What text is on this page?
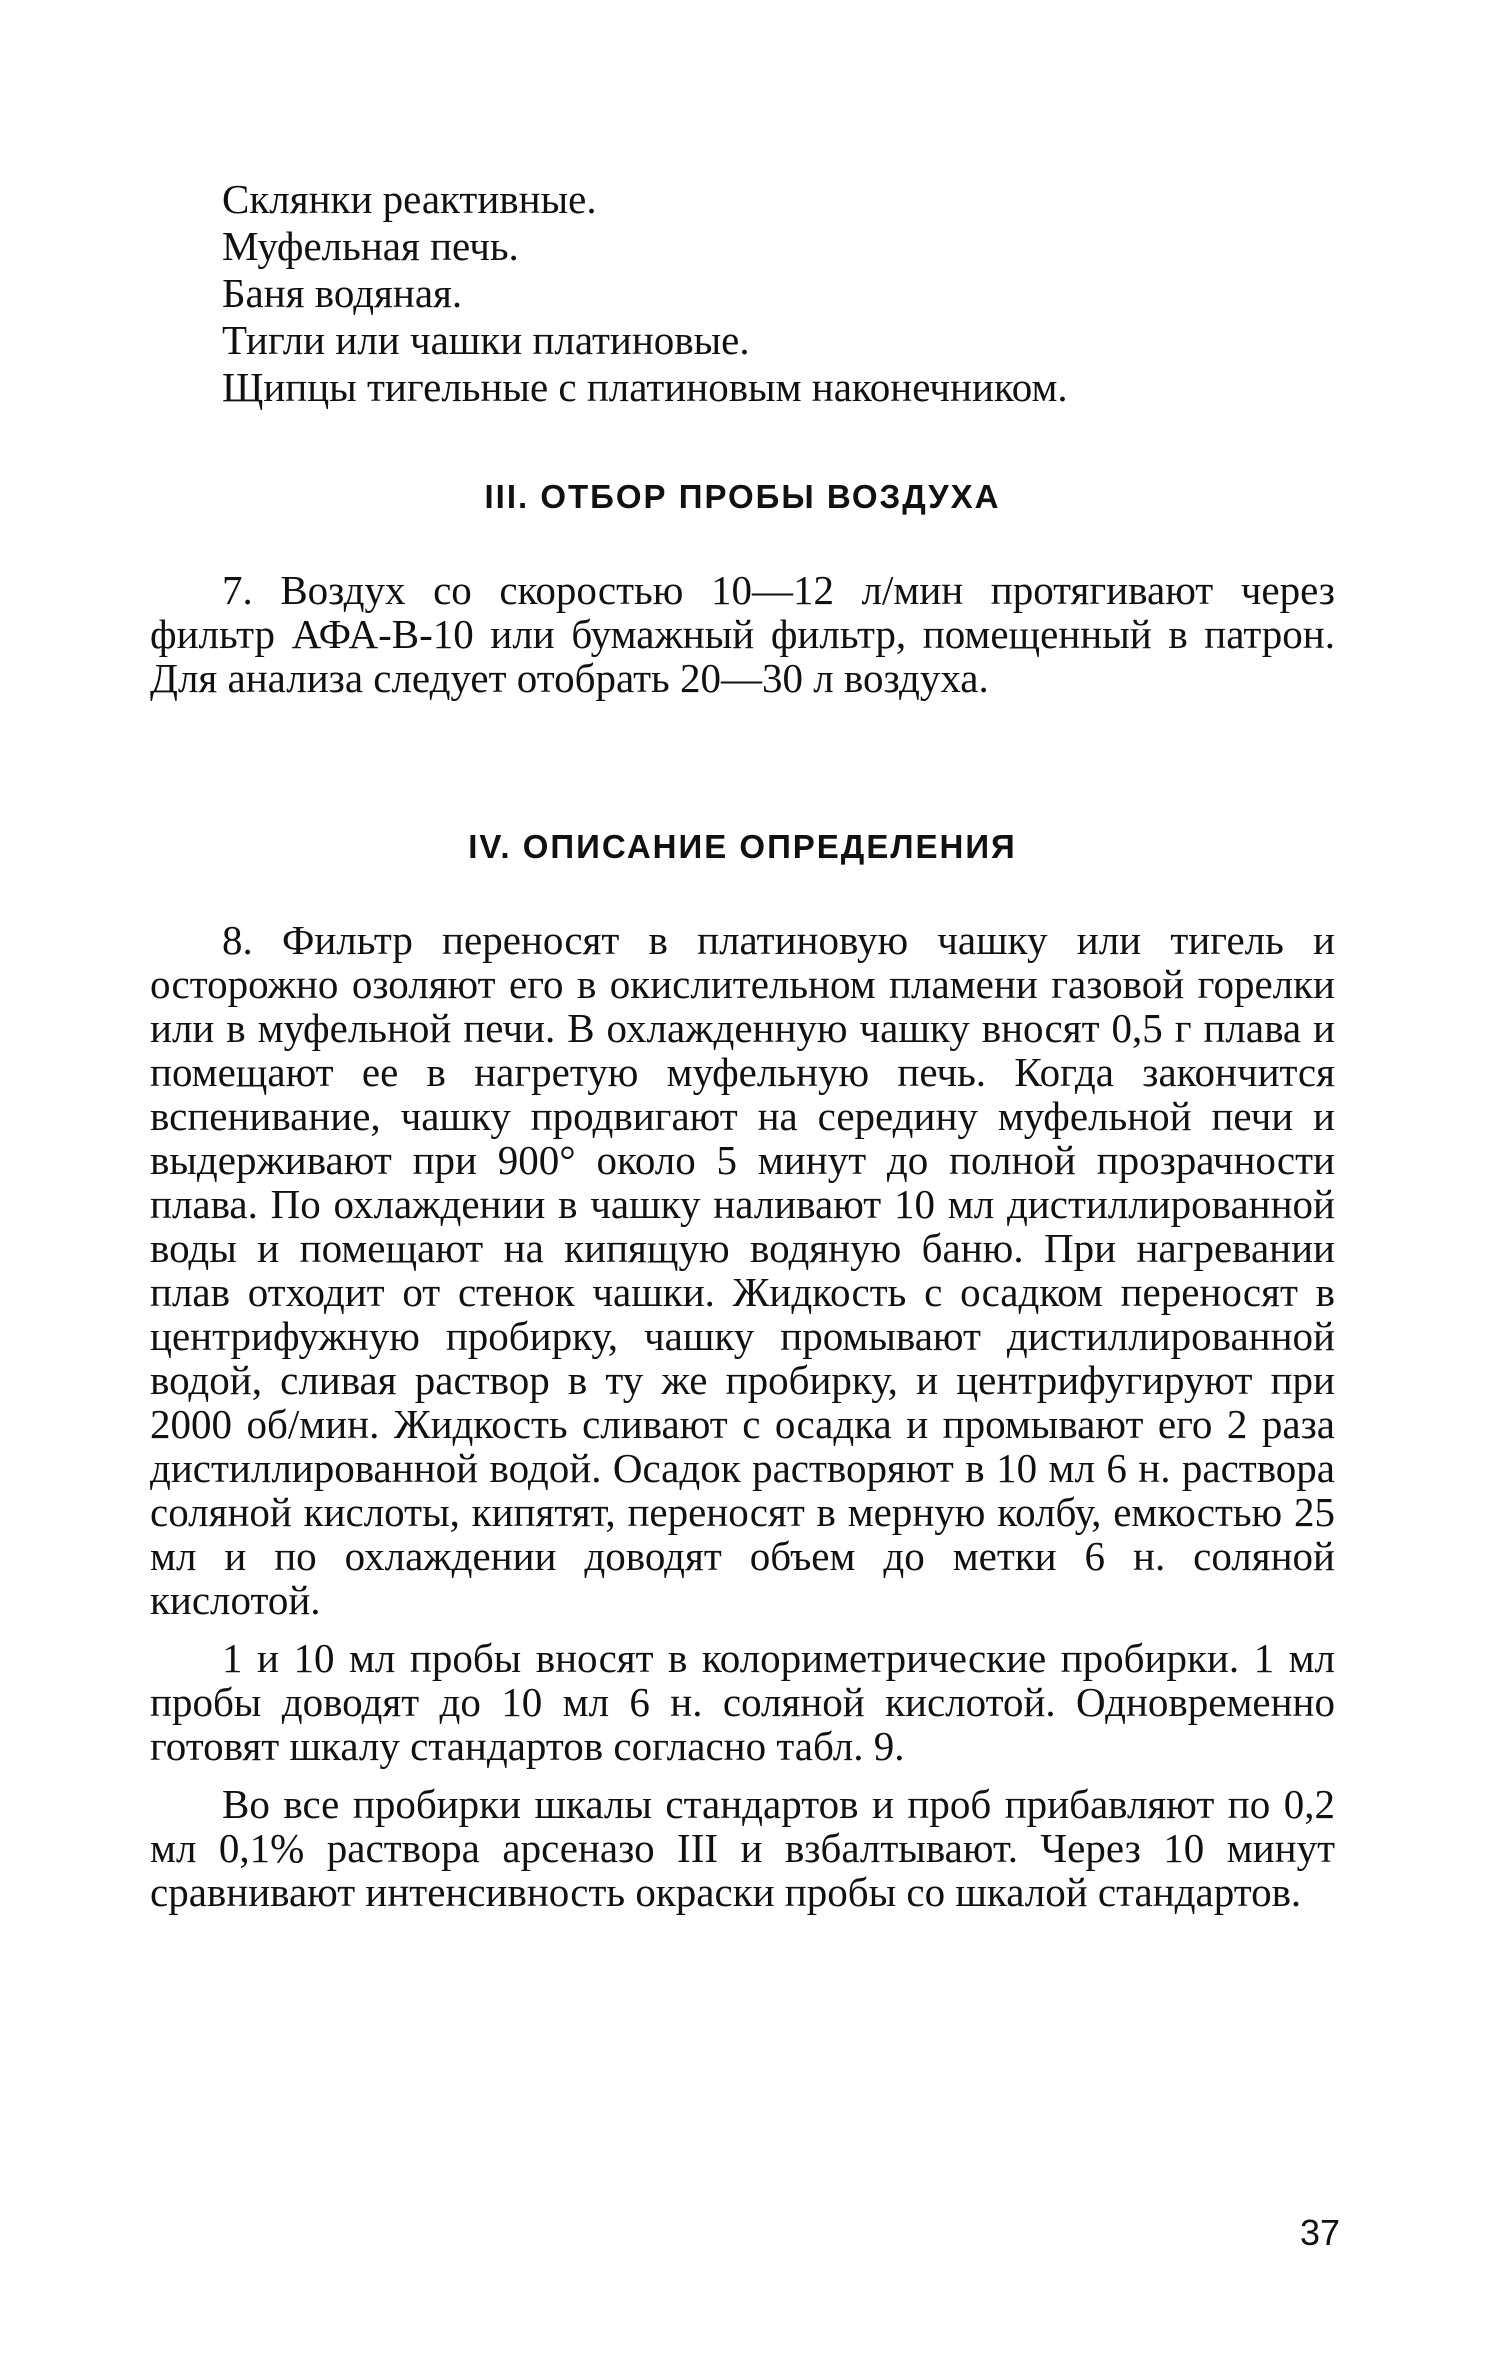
Склянки реактивные.
Муфельная печь.
Баня водяная.
Тигли или чашки платиновые.
Щипцы тигельные с платиновым наконечником.
III. ОТБОР ПРОБЫ ВОЗДУХА

7. Воздух со скоростью 10—12 л/мин протягивают через фильтр АФА-В-10 или бумажный фильтр, помещенный в патрон. Для анализа следует отобрать 20—30 л воздуха.

IV. ОПИСАНИЕ ОПРЕДЕЛЕНИЯ

8. Фильтр переносят в платиновую чашку или тигель и осторожно озоляют его в окислительном пламени газовой горелки или в муфельной печи. В охлажденную чашку вносят 0,5 г плава и помещают ее в нагретую муфельную печь. Когда закончится вспенивание, чашку продвигают на середину муфельной печи и выдерживают при 900° около 5 минут до полной прозрачности плава. По охлаждении в чашку наливают 10 мл дистиллированной воды и помещают на кипящую водяную баню. При нагревании плав отходит от стенок чашки. Жидкость с осадком переносят в центрифужную пробирку, чашку промывают дистиллированной водой, сливая раствор в ту же пробирку, и центрифугируют при 2000 об/мин. Жидкость сливают с осадка и промывают его 2 раза дистиллированной водой. Осадок растворяют в 10 мл 6 н. раствора соляной кислоты, кипятят, переносят в мерную колбу, емкостью 25 мл и по охлаждении доводят объем до метки 6 н. соляной кислотой.

1 и 10 мл пробы вносят в колориметрические пробирки. 1 мл пробы доводят до 10 мл 6 н. соляной кислотой. Одновременно готовят шкалу стандартов согласно табл. 9.

Во все пробирки шкалы стандартов и проб прибавляют по 0,2 мл 0,1% раствора арсеназо III и взбалтывают. Через 10 минут сравнивают интенсивность окраски пробы со шкалой стандартов.

37
